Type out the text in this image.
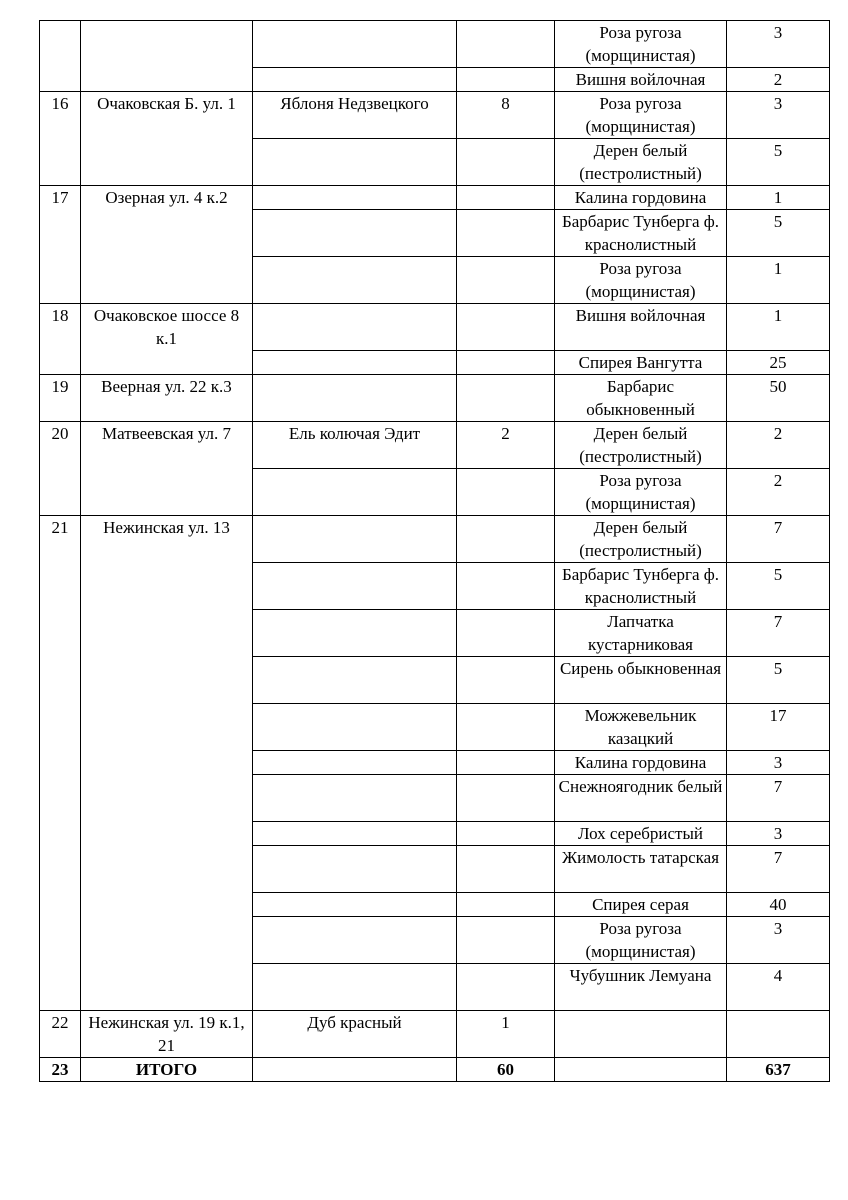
				Роза ругоза (морщинистая)	3
				Вишня войлочная	2
16	Очаковская Б. ул. 1	Яблоня Недзвецкого	8	Роза ругоза (морщинистая)	3
				Дерен белый (пестролистный)	5
17	Озерная ул. 4 к.2			Калина гордовина	1
				Барбарис Тунберга ф. краснолистный	5
				Роза ругоза (морщинистая)	1
18	Очаковское шоссе 8 к.1			Вишня войлочная	1
				Спирея Вангутта	25
19	Веерная ул. 22 к.3			Барбарис обыкновенный	50
20	Матвеевская ул. 7	Ель колючая Эдит	2	Дерен белый (пестролистный)	2
				Роза ругоза (морщинистая)	2
21	Нежинская ул. 13			Дерен белый (пестролистный)	7
				Барбарис Тунберга ф. краснолистный	5
				Лапчатка кустарниковая	7
				Сирень обыкновенная	5
				Можжевельник казацкий	17
				Калина гордовина	3
				Снежноягодник белый	7
				Лох серебристый	3
				Жимолость татарская	7
				Спирея серая	40
				Роза ругоза (морщинистая)	3
				Чубушник Лемуана	4
22	Нежинская ул. 19 к.1, 21	Дуб красный	1		
23	ИТОГО		60		637
